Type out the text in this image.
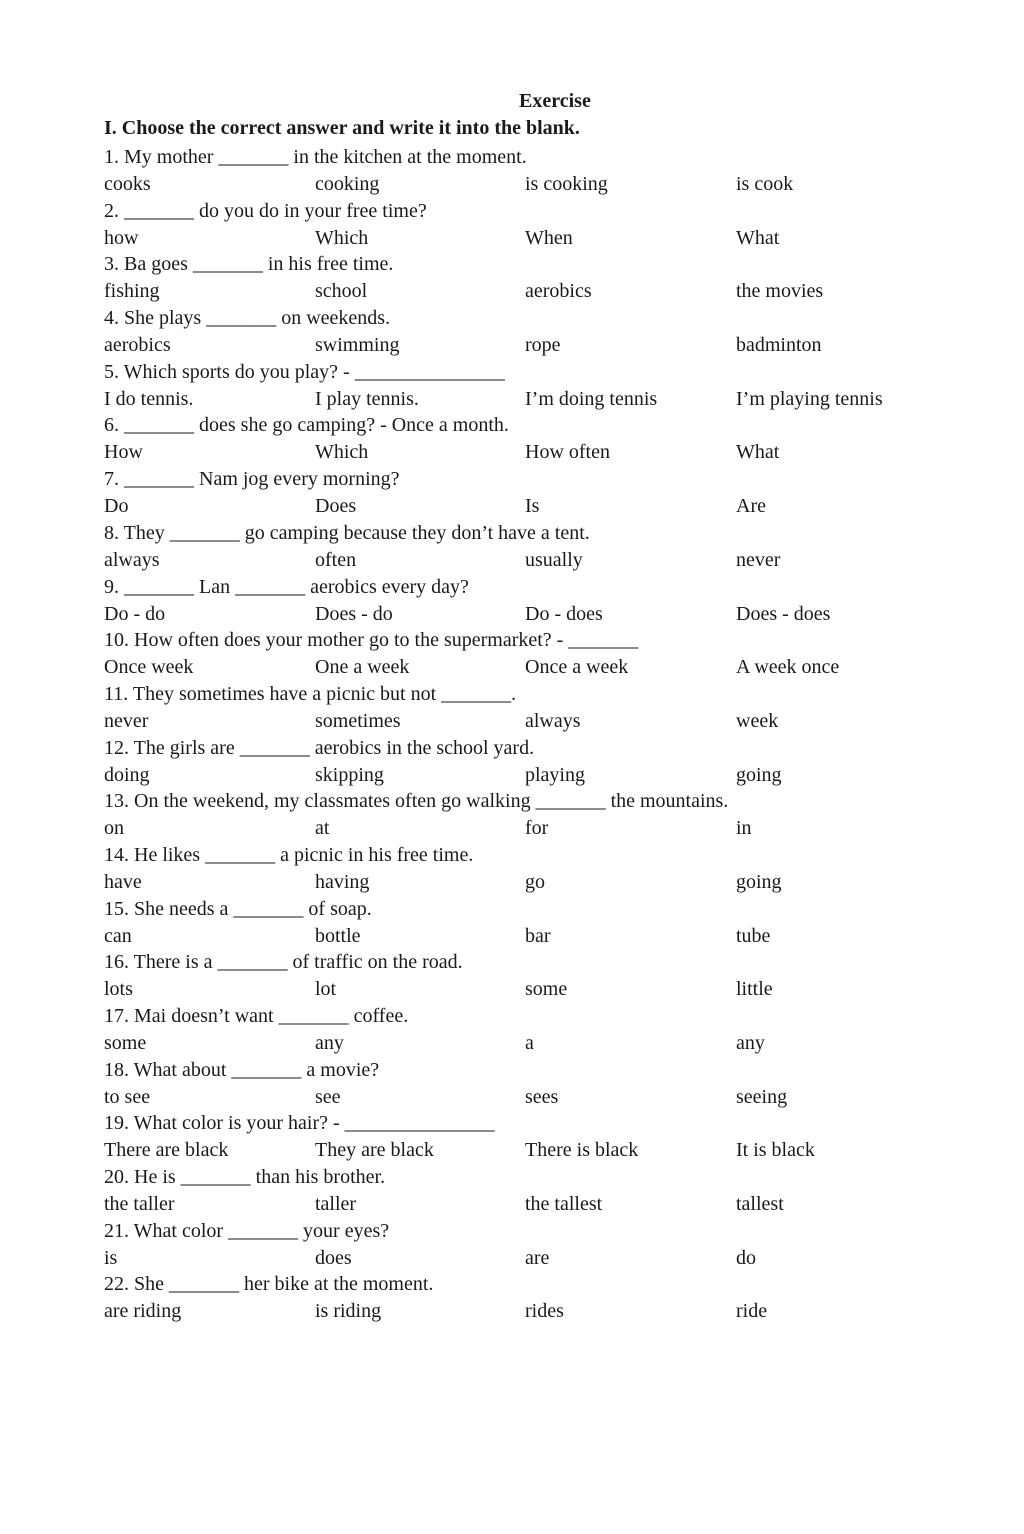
Exercise
I. Choose the correct answer and write it into the blank.
1. My mother _______ in the kitchen at the moment.
cooks	cooking	is cooking	is cook
2. _______ do you do in your free time?
how	Which	When	What
3. Ba goes _______ in his free time.
fishing	school	aerobics	the movies
4. She plays _______ on weekends.
aerobics	swimming	rope	badminton
5. Which sports do you play? - _______________
I do tennis.	I play tennis.	I’m doing tennis	I’m playing tennis
6. _______ does she go camping? - Once a month.
How	Which	How often	What
7. _______ Nam jog every morning?
Do	Does	Is	Are
8. They _______ go camping because they don’t have a tent.
always	often	usually	never
9. _______ Lan _______ aerobics every day?
Do - do	Does - do	Do - does	Does - does
10. How often does your mother go to the supermarket? - _______
Once week	One a week	Once a week	A week once
11. They sometimes have a picnic but not _______.
never	sometimes	always	week
12. The girls are _______ aerobics in the school yard.
doing	skipping	playing	going
13. On the weekend, my classmates often go walking _______ the mountains.
on	at	for	in
14. He likes _______ a picnic in his free time.
have	having	go	going
15. She needs a _______ of soap.
can	bottle	bar	tube
16. There is a _______ of traffic on the road.
lots	lot	some	little
17. Mai doesn’t want _______ coffee.
some	any	a	any
18. What about _______ a movie?
to see	see	sees	seeing
19. What color is your hair? - _______________
There are black	They are black	There is black	It is black
20. He is _______ than his brother.
the taller	taller	the tallest	tallest
21. What color _______ your eyes?
is	does	are	do
22. She _______ her bike at the moment.
are riding	is riding	rides	ride
